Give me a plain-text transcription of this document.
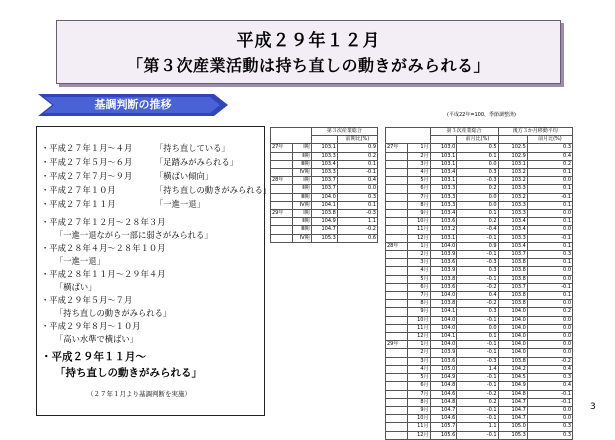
平成２９年１２月
「第３次産業活動は持ち直しの動きがみられる」
基調判断の推移
・平成２７年１月～４月	「持ち直している」
・平成２７年５月～６月	「足踏みがみられる」
・平成２７年７月～９月	「横ばい傾向」
・平成２７年１０月	「持ち直しの動きがみられる」
・平成２７年１１月	「一進一退」
・平成２７年１２月～２８年３月
「一進一退ながら一部に弱さがみられる」
・平成２８年４月～２８年１０月
「一進一退」
・平成２８年１１月～２９年４月
「横ばい」
・平成２９年５月～７月
「持ち直しの動きがみられる」
・平成２９年８月～１０月
「高い水準で横ばい」
・平成２９年１１月～
「持ち直しの動きがみられる」
（２７年１月より基調判断を実施）
(平成22年=100、季節調整済)
		第３次産業総合	
			前期比(%)
27年	Ⅰ期	103.1	0.9
	Ⅱ期	103.3	0.2
	Ⅲ期	103.4	0.1
	Ⅳ期	103.3	-0.1
28年	Ⅰ期	103.7	0.4
	Ⅱ期	103.7	0.0
	Ⅲ期	104.0	0.3
	Ⅳ期	104.1	0.1
29年	Ⅰ期	103.8	-0.3
	Ⅱ期	104.9	1.1
	Ⅲ期	104.7	-0.2
	Ⅳ期	105.3	0.6
		第３次産業総合		後方３か月移動平均	
			前月比(%)		前月比(%)
27年	1月	103.0	0.5	102.5	0.3
	2月	103.1	0.1	102.9	0.4
	3月	103.1	0.0	103.1	0.2
	4月	103.4	0.3	103.2	0.1
	5月	103.1	-0.3	103.2	0.0
	6月	103.3	0.2	103.3	0.1
	7月	103.3	0.0	103.2	-0.1
	8月	103.3	0.0	103.3	0.1
	9月	103.4	0.1	103.3	0.0
	10月	103.6	0.2	103.4	0.1
	11月	103.2	-0.4	103.4	0.0
	12月	103.1	-0.1	103.3	-0.1
28年	1月	104.0	0.9	103.4	0.1
	2月	103.9	-0.1	103.7	0.3
	3月	103.6	-0.3	103.8	0.1
	4月	103.9	0.3	103.8	0.0
	5月	103.8	-0.1	103.8	0.0
	6月	103.6	-0.2	103.7	-0.1
	7月	104.0	0.4	103.8	0.1
	8月	103.8	-0.2	103.8	0.0
	9月	104.1	0.3	104.0	0.2
	10月	104.0	-0.1	104.0	0.0
	11月	104.0	0.0	104.0	0.0
	12月	104.1	0.1	104.0	0.0
29年	1月	104.0	-0.1	104.0	0.0
	2月	103.9	-0.1	104.0	0.0
	3月	103.6	-0.3	103.8	-0.2
	4月	105.0	1.4	104.2	0.4
	5月	104.9	-0.1	104.5	0.3
	6月	104.8	-0.1	104.9	0.4
	7月	104.6	-0.2	104.8	-0.1
	8月	104.8	0.2	104.7	-0.1
	9月	104.7	-0.1	104.7	0.0
	10月	104.6	-0.1	104.7	0.0
	11月	105.7	1.1	105.0	0.3
	12月	105.6	-0.1	105.3	0.3
3
